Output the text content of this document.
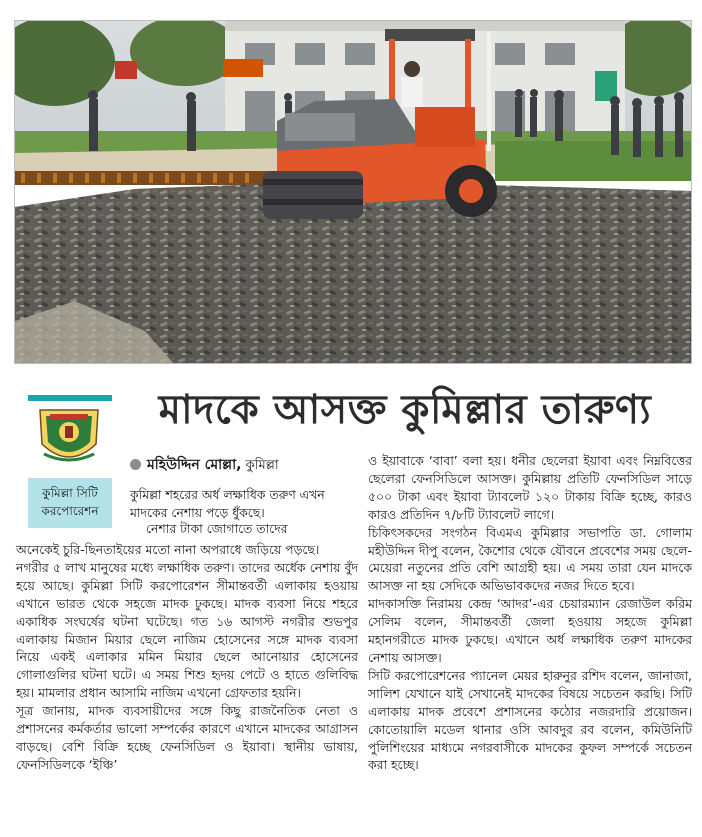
মাদকে আসক্ত কুমিল্লার তারুণ্য
কুমিল্লা সিটি
করপোরেশন
মহিউদ্দিন মোল্লা, কুমিল্লা
কুমিল্লা শহরের অর্ধ লক্ষাধিক তরুণ এখন মাদকের নেশায় পড়ে ধুঁকছে।
নেশার টাকা জোগাতে তাদের

অনেকেই চুরি-ছিনতাইয়ের মতো নানা অপরাধে জড়িয়ে পড়ছে।

নগরীর ৫ লাখ মানুষের মধ্যে লক্ষাধিক তরুণ। তাদের অর্ধেক নেশায় বুঁদ হয়ে আছে। কুমিল্লা সিটি করপোরেশন সীমান্তবর্তী এলাকায় হওয়ায় এখানে ভারত থেকে সহজে মাদক ঢুকছে। মাদক ব্যবসা নিয়ে শহরে একাধিক সংঘর্ষের ঘটনা ঘটেছে। গত ১৬ আগস্ট নগরীর শুভপুর এলাকায় মিজান মিয়ার ছেলে নাজিম হোসেনের সঙ্গে মাদক ব্যবসা নিয়ে একই এলাকার মমিন মিয়ার ছেলে আনোয়ার হোসেনের গোলাগুলির ঘটনা ঘটে। এ সময় শিশু হৃদয় পেটে ও হাতে গুলিবিদ্ধ হয়। মামলার প্রধান আসামি নাজিম এখনো গ্রেফতার হয়নি।

সূত্র জানায়, মাদক ব্যবসায়ীদের সঙ্গে কিছু রাজনৈতিক নেতা ও প্রশাসনের কর্মকর্তার ভালো সম্পর্কের কারণে এখানে মাদকের আগ্রাসন বাড়ছে। বেশি বিক্রি হচ্ছে ফেনসিডিল ও ইয়াবা। স্থানীয় ভাষায়, ফেনসিডিলকে ‘ইঞ্চি’

ও ইয়াবাকে ‘বাবা’ বলা হয়। ধনীর ছেলেরা ইয়াবা এবং নিম্নবিত্তের ছেলেরা ফেনসিডিলে আসক্ত। কুমিল্লায় প্রতিটি ফেনসিডিল সাড়ে ৫০০ টাকা এবং ইয়াবা ট্যাবলেট ১২০ টাকায় বিক্রি হচ্ছে, কারও কারও প্রতিদিন ৭/৮টি ট্যাবলেট লাগে।

চিকিৎসকদের সংগঠন বিএমএ কুমিল্লার সভাপতি ডা. গোলাম মহীউদ্দিন দীপু বলেন, কৈশোর থেকে যৌবনে প্রবেশের সময় ছেলে-মেয়েরা নতুনের প্রতি বেশি আগ্রহী হয়। এ সময় তারা যেন মাদকে আসক্ত না হয় সেদিকে অভিভাবকদের নজর দিতে হবে।

মাদকাসক্তি নিরাময় কেন্দ্র ‘আদর’-এর চেয়ারম্যান রেজাউল করিম সেলিম বলেন, সীমান্তবর্তী জেলা হওয়ায় সহজে কুমিল্লা মহানগরীতে মাদক ঢুকছে। এখানে অর্ধ লক্ষাধিক তরুণ মাদকের নেশায় আসক্ত।

সিটি করপোরেশনের প্যানেল মেয়র হারুনুর রশিদ বলেন, জানাজা, সালিশ যেখানে যাই সেখানেই মাদকের বিষয়ে সচেতন করছি। সিটি এলাকায় মাদক প্রবেশে প্রশাসনের কঠোর নজরদারি প্রয়োজন। কোতোয়ালি মডেল থানার ওসি আবদুর রব বলেন, কমিউনিটি পুলিশিংয়ের মাধ্যমে নগরবাসীকে মাদকের কুফল সম্পর্কে সচেতন করা হচ্ছে।
